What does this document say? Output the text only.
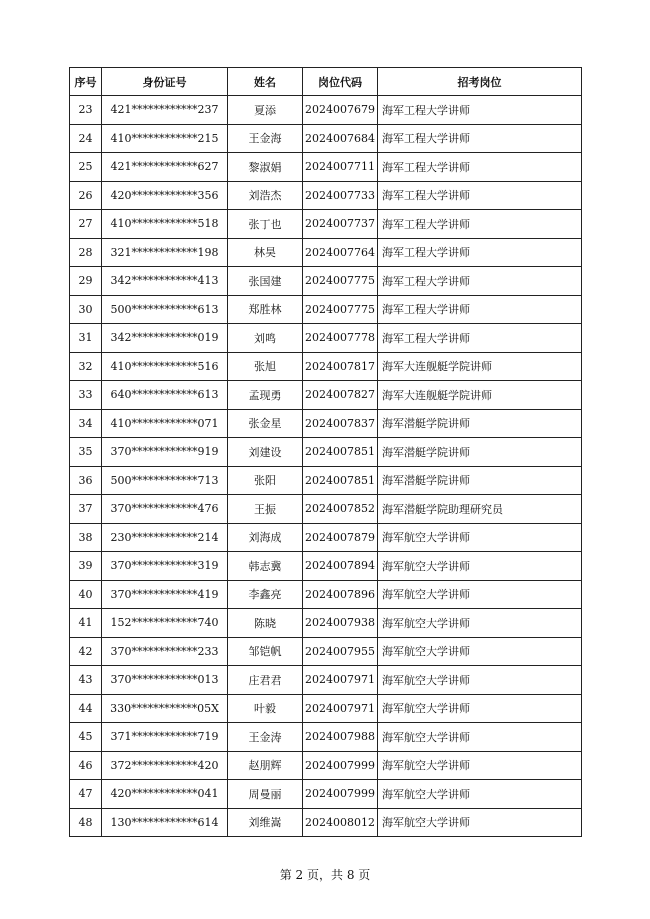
序号	身份证号	姓名	岗位代码	招考岗位
23	421************237	夏添	2024007679	海军工程大学讲师
24	410************215	王金海	2024007684	海军工程大学讲师
25	421************627	黎淑娟	2024007711	海军工程大学讲师
26	420************356	刘浩杰	2024007733	海军工程大学讲师
27	410************518	张丁也	2024007737	海军工程大学讲师
28	321************198	林昊	2024007764	海军工程大学讲师
29	342************413	张国建	2024007775	海军工程大学讲师
30	500************613	郑胜林	2024007775	海军工程大学讲师
31	342************019	刘鸣	2024007778	海军工程大学讲师
32	410************516	张旭	2024007817	海军大连舰艇学院讲师
33	640************613	孟现勇	2024007827	海军大连舰艇学院讲师
34	410************071	张金星	2024007837	海军潜艇学院讲师
35	370************919	刘建设	2024007851	海军潜艇学院讲师
36	500************713	张阳	2024007851	海军潜艇学院讲师
37	370************476	王振	2024007852	海军潜艇学院助理研究员
38	230************214	刘海成	2024007879	海军航空大学讲师
39	370************319	韩志冀	2024007894	海军航空大学讲师
40	370************419	李鑫亮	2024007896	海军航空大学讲师
41	152************740	陈晓	2024007938	海军航空大学讲师
42	370************233	邹铠帆	2024007955	海军航空大学讲师
43	370************013	庄君君	2024007971	海军航空大学讲师
44	330************05X	叶毅	2024007971	海军航空大学讲师
45	371************719	王金涛	2024007988	海军航空大学讲师
46	372************420	赵朋辉	2024007999	海军航空大学讲师
47	420************041	周曼丽	2024007999	海军航空大学讲师
48	130************614	刘维嵩	2024008012	海军航空大学讲师
第 2 页，共 8 页
